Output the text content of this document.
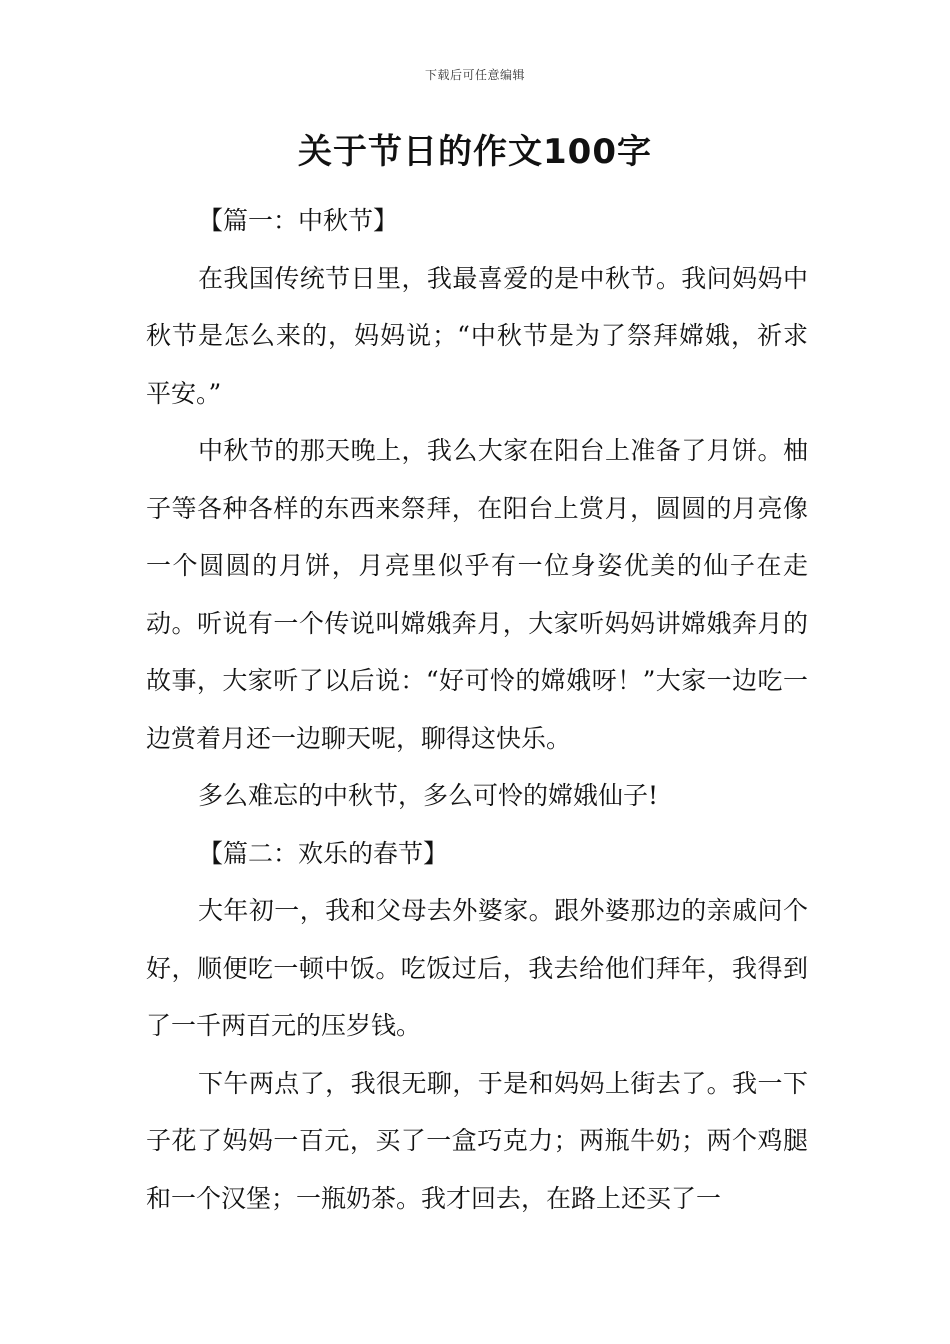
下载后可任意编辑
关于节日的作文100字

【篇一：中秋节】

在我国传统节日里，我最喜爱的是中秋节。我问妈妈中秋节是怎么来的，妈妈说；“中秋节是为了祭拜嫦娥，祈求平安。”

中秋节的那天晚上，我么大家在阳台上准备了月饼。柚子等各种各样的东西来祭拜，在阳台上赏月，圆圆的月亮像一个圆圆的月饼，月亮里似乎有一位身姿优美的仙子在走动。听说有一个传说叫嫦娥奔月，大家听妈妈讲嫦娥奔月的故事，大家听了以后说：“好可怜的嫦娥呀！”大家一边吃一边赏着月还一边聊天呢，聊得这快乐。

多么难忘的中秋节，多么可怜的嫦娥仙子!

【篇二：欢乐的春节】

大年初一，我和父母去外婆家。跟外婆那边的亲戚问个好，顺便吃一顿中饭。吃饭过后，我去给他们拜年，我得到了一千两百元的压岁钱。

下午两点了，我很无聊，于是和妈妈上街去了。我一下子花了妈妈一百元，买了一盒巧克力；两瓶牛奶；两个鸡腿和一个汉堡；一瓶奶茶。我才回去，在路上还买了一
